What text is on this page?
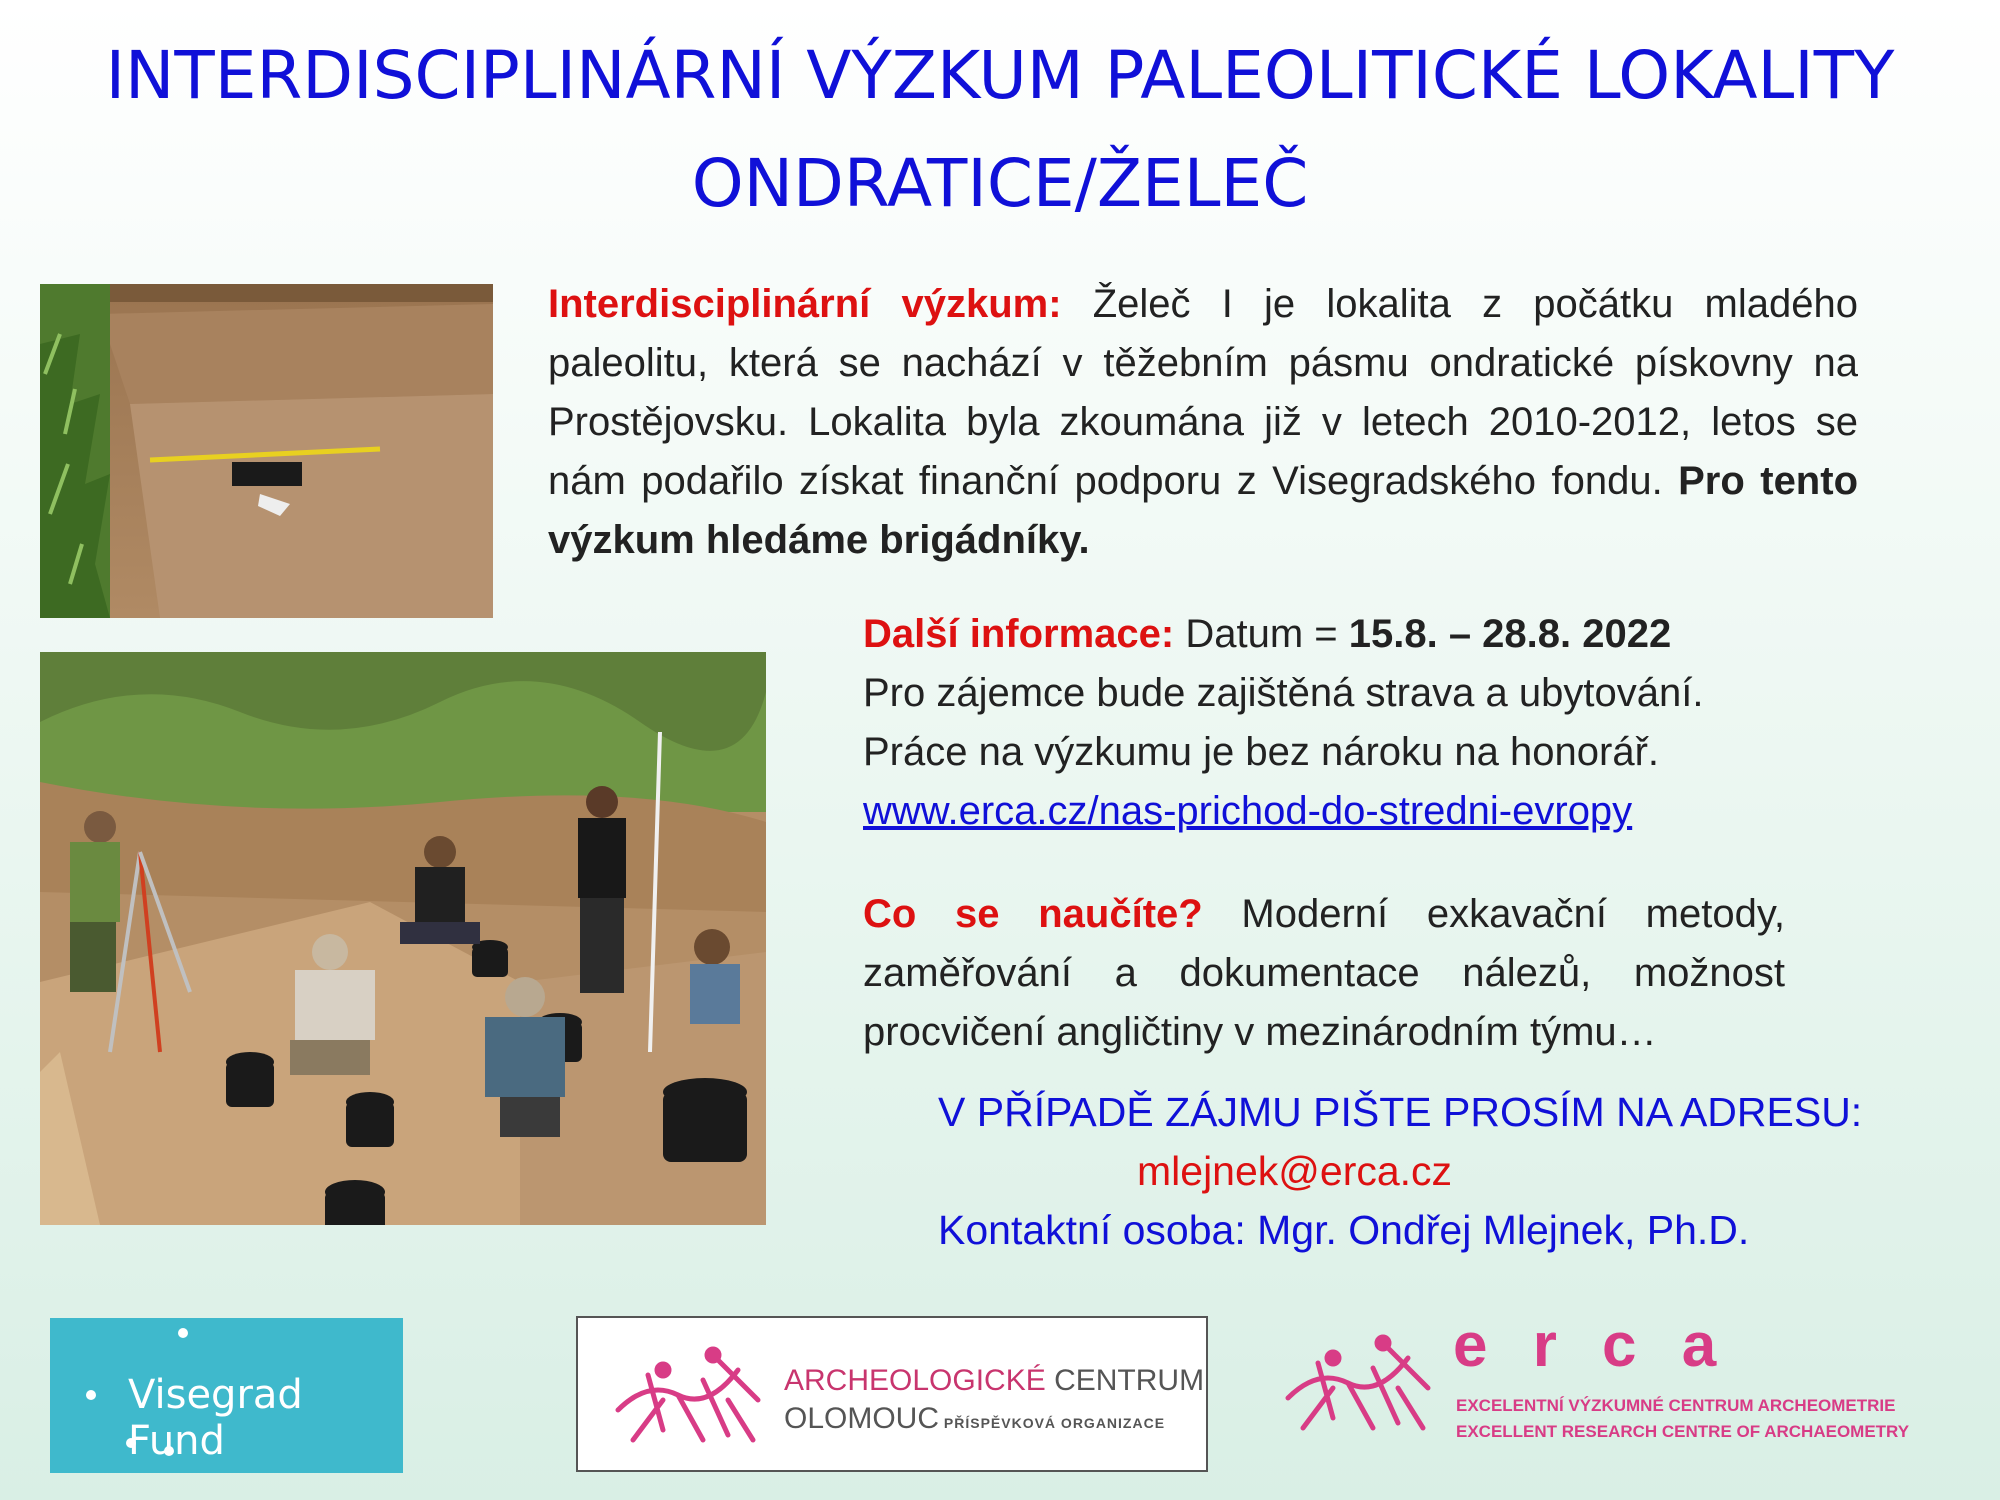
INTERDISCIPLINÁRNÍ VÝZKUM PALEOLITICKÉ LOKALITY
ONDRATICE/ŽELEČ
Interdisciplinární výzkum: Želeč I je lokalita z počátku mladého paleolitu, která se nachází v těžebním pásmu ondratické pískovny na Prostějovsku. Lokalita byla zkoumána již v letech 2010-2012, letos se nám podařilo získat finanční podporu z Visegradského fondu. Pro tento výzkum hledáme brigádníky.
Další informace: Datum = 15.8. – 28.8. 2022
Pro zájemce bude zajištěná strava a ubytování.
Práce na výzkumu je bez nároku na honorář.
www.erca.cz/nas-prichod-do-stredni-evropy
Co se naučíte? Moderní exkavační metody, zaměřování a dokumentace nálezů, možnost procvičení angličtiny v mezinárodním týmu…
V PŘÍPADĚ ZÁJMU PIŠTE PROSÍM NA ADRESU:
mlejnek@erca.cz
Kontaktní osoba: Mgr. Ondřej Mlejnek, Ph.D.
Visegrad Fund
ARCHEOLOGICKÉ CENTRUM
OLOMOUC PŘÍSPĚVKOVÁ ORGANIZACE
e r c a
EXCELENTNÍ VÝZKUMNÉ CENTRUM ARCHEOMETRIE
EXCELLENT RESEARCH CENTRE OF ARCHAEOMETRY
